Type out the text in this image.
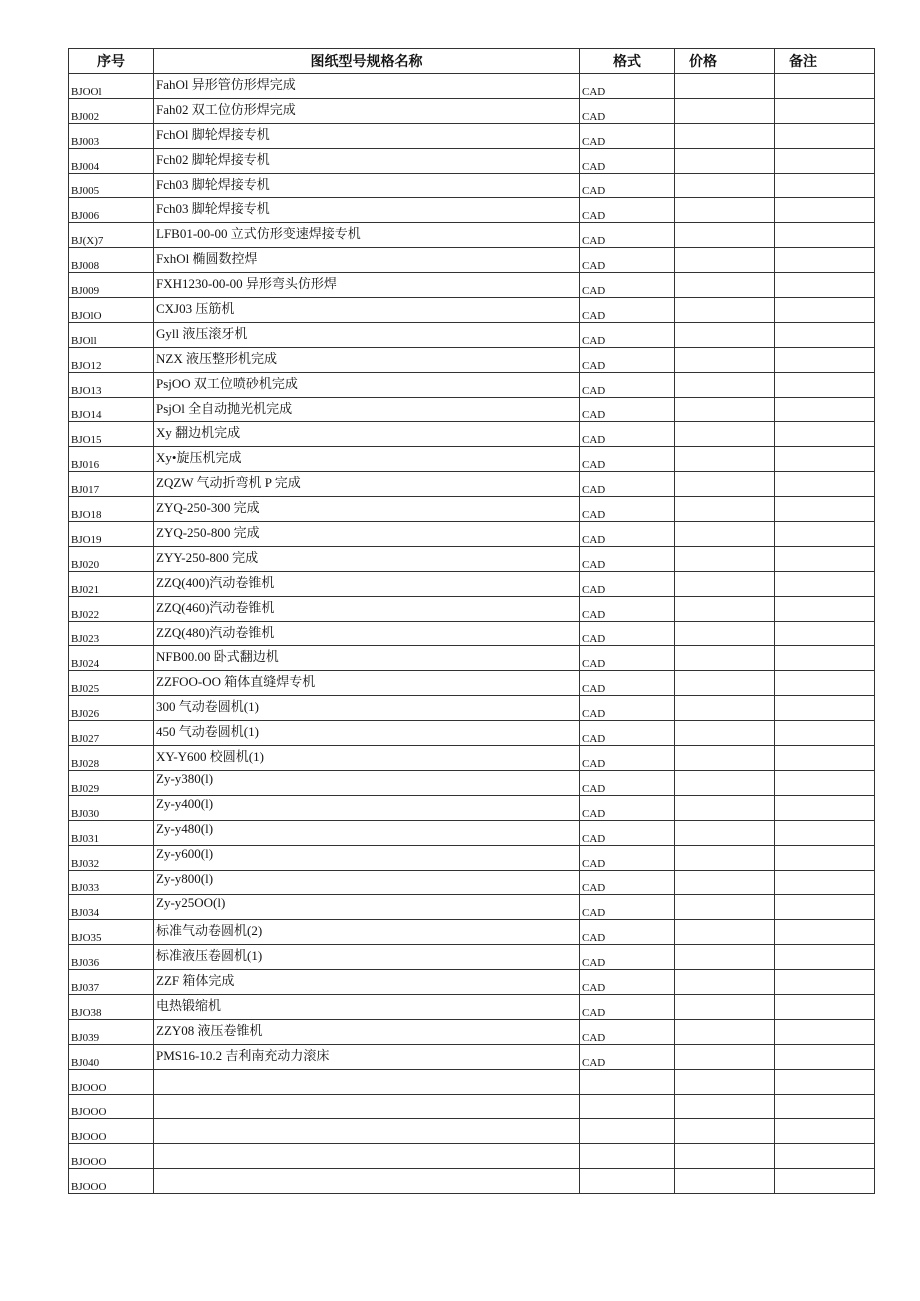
序号	图纸型号规格名称	格式	价格	备注
BJOOl	FahOl 异形管仿形焊完成	CAD		
BJ002	Fah02 双工位仿形焊完成	CAD		
BJ003	FchOl 脚轮焊接专机	CAD		
BJ004	Fch02 脚轮焊接专机	CAD		
BJ005	Fch03 脚轮焊接专机	CAD		
BJ006	Fch03 脚轮焊接专机	CAD		
BJ(X)7	LFB01-00-00 立式仿形变速焊接专机	CAD		
BJ008	FxhOl 椭圆数控焊	CAD		
BJ009	FXH1230-00-00 异形弯头仿形焊	CAD		
BJOlO	CXJ03 压筋机	CAD		
BJOll	Gyll 液压滚牙机	CAD		
BJO12	NZX 液压整形机完成	CAD		
BJO13	PsjOO 双工位喷砂机完成	CAD		
BJO14	PsjOl 全自动抛光机完成	CAD		
BJO15	Xy 翻边机完成	CAD		
BJ016	Xy•旋压机完成	CAD		
BJ017	ZQZW 气动折弯机 P 完成	CAD		
BJO18	ZYQ-250-300 完成	CAD		
BJO19	ZYQ-250-800 完成	CAD		
BJ020	ZYY-250-800 完成	CAD		
BJ021	ZZQ(400)汽动卷锥机	CAD		
BJ022	ZZQ(460)汽动卷锥机	CAD		
BJ023	ZZQ(480)汽动卷锥机	CAD		
BJ024	NFB00.00 卧式翻边机	CAD		
BJ025	ZZFOO-OO 箱体直缝焊专机	CAD		
BJ026	300 气动卷圆机(1)	CAD		
BJ027	450 气动卷圆机(1)	CAD		
BJ028	XY-Y600 校圆机(1)	CAD		
BJ029	Zy-y380(l)	CAD		
BJ030	Zy-y400(l)	CAD		
BJ031	Zy-y480(l)	CAD		
BJ032	Zy-y600(l)	CAD		
BJ033	Zy-y800(l)	CAD		
BJ034	Zy-y25OO(l)	CAD		
BJO35	标准气动卷圆机(2)	CAD		
BJ036	标准液压卷圆机(1)	CAD		
BJ037	ZZF 箱体完成	CAD		
BJO38	电热锻缩机	CAD		
BJ039	ZZY08 液压卷锥机	CAD		
BJ040	PMS16-10.2 吉利南充动力滚床	CAD		
BJOOO				
BJOOO				
BJOOO				
BJOOO				
BJOOO				
